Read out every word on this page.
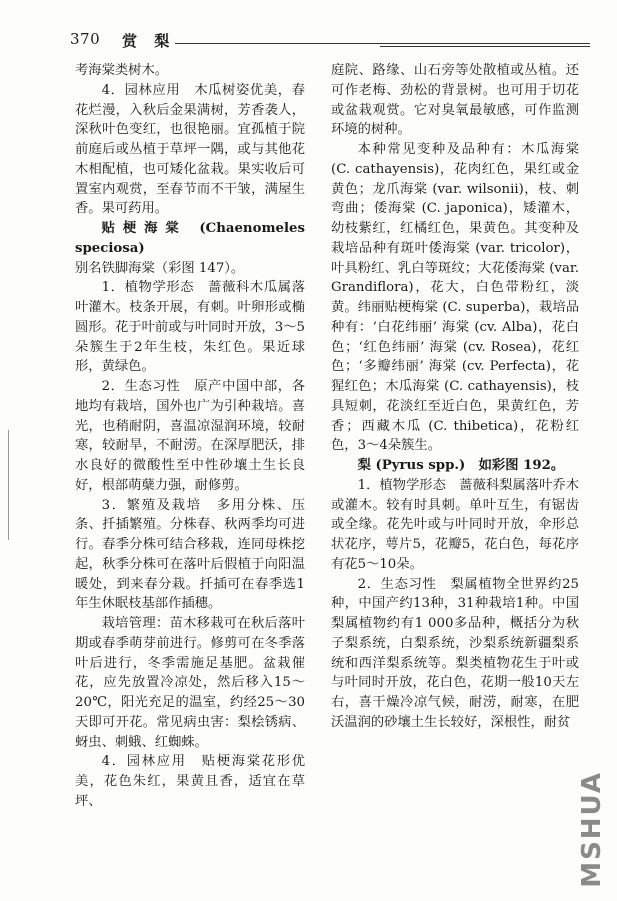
370 赏 梨

考海棠类树木。

4．园林应用　木瓜树姿优美，春花烂漫，入秋后金果满树，芳香袭人，深秋叶色变红，也很艳丽。宜孤植于院前庭后或丛植于草坪一隅，或与其他花木相配植，也可矮化盆栽。果实收后可置室内观赏，至春节而不干皱，满屋生香。果可药用。

贴梗海棠 (Chaenomeles speciosa)

别名铁脚海棠（彩图 147）。

1．植物学形态　蔷薇科木瓜属落叶灌木。枝条开展，有刺。叶卵形或椭圆形。花于叶前或与叶同时开放，3～5朵簇生于2年生枝，朱红色。果近球形，黄绿色。

2．生态习性　原产中国中部，各地均有栽培，国外也广为引种栽培。喜光，也稍耐阴，喜温凉湿润环境，较耐寒，较耐旱，不耐涝。在深厚肥沃，排水良好的微酸性至中性砂壤土生长良好，根部萌蘖力强，耐修剪。

3．繁殖及栽培　多用分株、压条、扦插繁殖。分株春、秋两季均可进行。春季分株可结合移栽，连同母株挖起，秋季分株可在落叶后假植于向阳温暖处，到来春分栽。扦插可在春季选1年生休眠枝基部作插穗。

栽培管理：苗木移栽可在秋后落叶期或春季萌芽前进行。修剪可在冬季落叶后进行，冬季需施足基肥。盆栽催花，应先放置冷凉处，然后移入15～20℃，阳光充足的温室，约经25～30天即可开花。常见病虫害：梨桧锈病、蚜虫、刺蛾、红蜘蛛。

4．园林应用　贴梗海棠花形优美，花色朱红，果黄且香，适宜在草坪、

庭院、路缘、山石旁等处散植或丛植。还可作老梅、劲松的背景树。也可用于切花或盆栽观赏。它对臭氧最敏感，可作监测环境的树种。

本种常见变种及品种有：木瓜海棠 (C. cathayensis)，花肉红色，果红或金黄色；龙爪海棠 (var. wilsonii)，枝、刺弯曲；倭海棠 (C. japonica)，矮灌木，幼枝紫红，红橘红色，果黄色。其变种及栽培品种有斑叶倭海棠 (var. tricolor)，叶具粉红、乳白等斑纹；大花倭海棠 (var. Grandiflora)，花大，白色带粉红，淡黄。纬丽贴梗梅棠 (C. superba)，栽培品种有：‘白花纬丽’ 海棠 (cv. Alba)，花白色；‘红色纬丽’ 海棠 (cv. Rosea)，花红色；‘多瓣纬丽’ 海棠 (cv. Perfecta)，花猩红色；木瓜海棠 (C. cathayensis)，枝具短刺，花淡红至近白色，果黄红色，芳香；西藏木瓜 (C. thibetica)，花粉红色，3～4朵簇生。

梨 (Pyrus spp.)　如彩图 192。

1．植物学形态　蔷薇科梨属落叶乔木或灌木。较有时具刺。单叶互生，有锯齿或全缘。花先叶或与叶同时开放，伞形总状花序，萼片5，花瓣5，花白色，每花序有花5～10朵。

2．生态习性　梨属植物全世界约25种，中国产约13种，31种栽培1种。中国梨属植物约有1 000多品种，概括分为秋子梨系统，白梨系统，沙梨系统新疆梨系统和西洋梨系统等。梨类植物花生于叶或与叶同时开放，花白色，花期一般10天左右，喜干燥冷凉气候，耐涝，耐寒，在肥沃温润的砂壤土生长较好，深根性，耐贫

MSHUA
